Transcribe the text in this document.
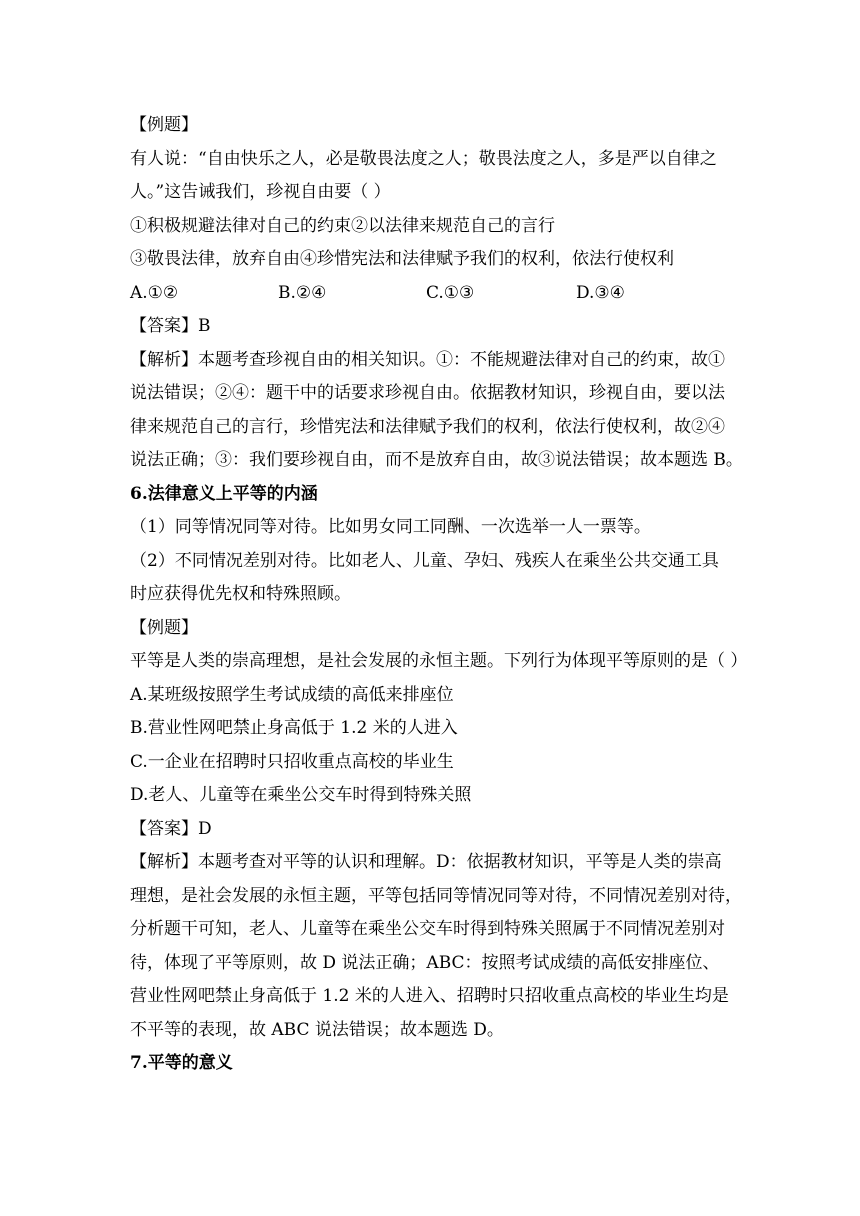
【例题】
有人说：“自由快乐之人，必是敬畏法度之人；敬畏法度之人，多是严以自律之
人。”这告诫我们，珍视自由要（ ）
①积极规避法律对自己的约束②以法律来规范自己的言行
③敬畏法律，放弃自由④珍惜宪法和法律赋予我们的权利，依法行使权利
A.①②	B.②④	C.①③	D.③④
【答案】B
【解析】本题考查珍视自由的相关知识。①：不能规避法律对自己的约束，故①
说法错误；②④：题干中的话要求珍视自由。依据教材知识，珍视自由，要以法
律来规范自己的言行，珍惜宪法和法律赋予我们的权利，依法行使权利，故②④
说法正确；③：我们要珍视自由，而不是放弃自由，故③说法错误；故本题选 B。
6.法律意义上平等的内涵
（1）同等情况同等对待。比如男女同工同酬、一次选举一人一票等。
（2）不同情况差别对待。比如老人、儿童、孕妇、残疾人在乘坐公共交通工具
时应获得优先权和特殊照顾。
【例题】
平等是人类的崇高理想，是社会发展的永恒主题。下列行为体现平等原则的是（ ）
A.某班级按照学生考试成绩的高低来排座位
B.营业性网吧禁止身高低于 1.2 米的人进入
C.一企业在招聘时只招收重点高校的毕业生
D.老人、儿童等在乘坐公交车时得到特殊关照
【答案】D
【解析】本题考查对平等的认识和理解。D：依据教材知识，平等是人类的崇高
理想，是社会发展的永恒主题，平等包括同等情况同等对待，不同情况差别对待，
分析题干可知，老人、儿童等在乘坐公交车时得到特殊关照属于不同情况差别对
待，体现了平等原则，故 D 说法正确；ABC：按照考试成绩的高低安排座位、
营业性网吧禁止身高低于 1.2 米的人进入、招聘时只招收重点高校的毕业生均是
不平等的表现，故 ABC 说法错误；故本题选 D。
7.平等的意义
